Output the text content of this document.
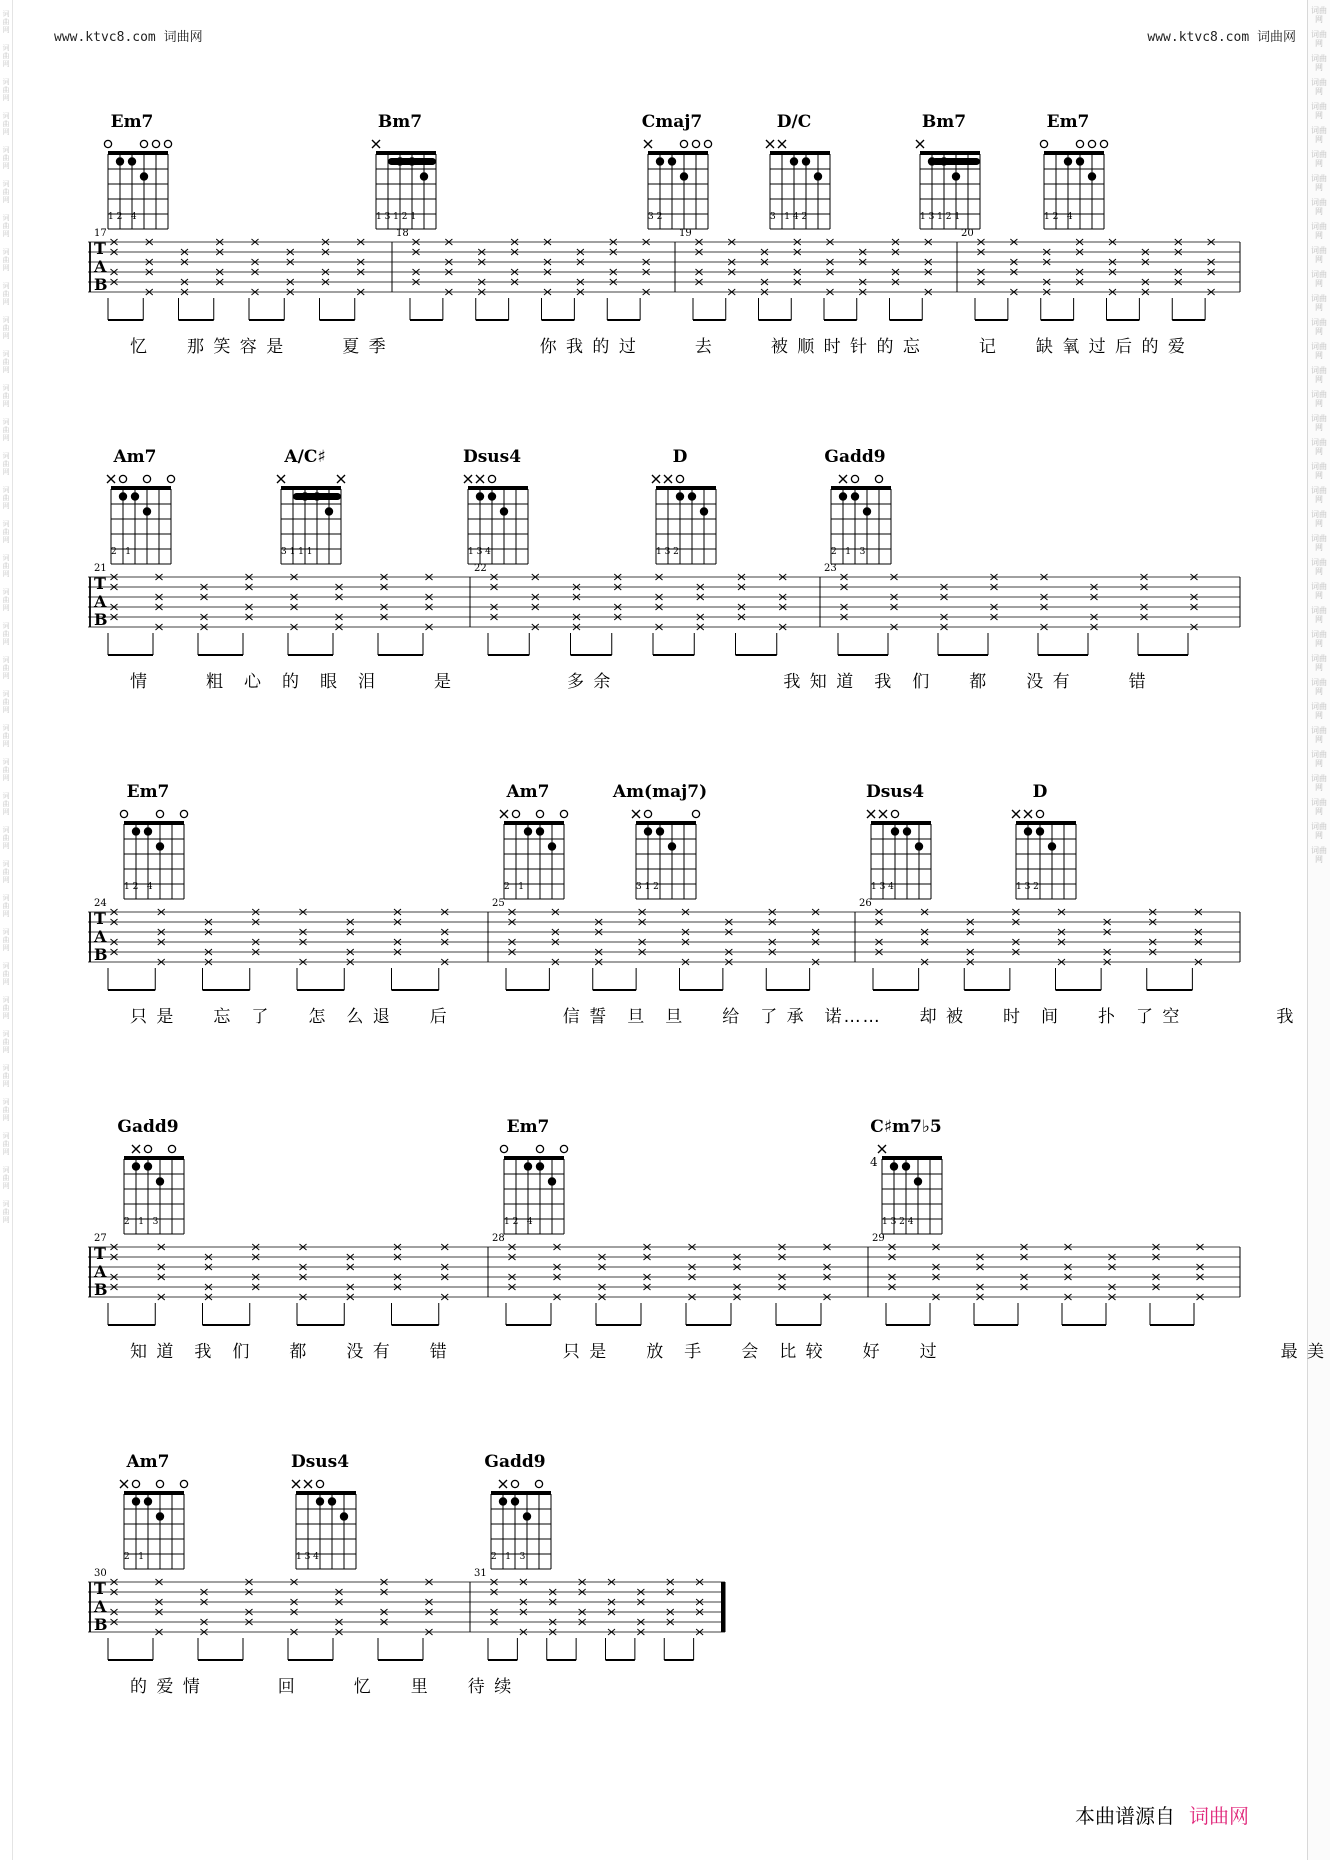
词曲网
词曲网
词曲网
词曲网
词曲网
词曲网
词曲网
词曲网
词曲网
词曲网
词曲网
词曲网
词曲网
词曲网
词曲网
词曲网
词曲网
词曲网
词曲网
词曲网
词曲网
词曲网
词曲网
词曲网
词曲网
词曲网
词曲网
词曲网
词曲网
词曲网
词曲网
词曲网
词曲网
词曲网
词曲网
词曲网
词曲网
词曲网
词曲网
词曲网
词曲网
词曲网
词曲网
词曲网
词曲网
词曲网
词曲网
词曲网
词曲网
词曲网
词曲网
词曲网
词曲网
词曲网
词曲网
词曲网
词曲网
词曲网
词曲网
词曲网
词曲网
词曲网
词曲网
词曲网
词曲网
词曲网
词曲网
词曲网
词曲网
词曲网
词曲网
词曲网
www.ktvc8.com 词曲网	www.ktvc8.com 词曲网
Em7
1 2   4
Bm7
1 3 1 2 1
Cmaj7
3 2
D/C
3   1 4 2
Bm7
1 3 1 2 1
Em7
1 2   4
T
A
B
17	18	19	20
忆　　那 笑 容 是　　　夏 季　　　　　　　　你 我 的 过　　　去　　　被 顺 时 针 的 忘　　　记　　缺 氧 过 后 的 爱
Am7
2   1
A/C♯
3 1 1 1
Dsus4
1 3 4
D
1 3 2
Gadd9
2   1   3
T
A
B
21	22	23
情　　　粗　心　的　眼　泪　　　是　　　　　　多 余　　　　　　　　　我 知 道　我　们　　都　　没 有　　　错
Em7
1 2   4
Am7
2   1
Am(maj7)
3 1 2
Dsus4
1 3 4
D
1 3 2
T
A
B
24	25	26
只 是　　忘　了　　怎　么 退　　后　　　　　　信 誓　旦　旦　　给　了 承　诺……　　却 被　　时　间　　扑　了 空　　　　　我
Gadd9
2   1   3
Em7
1 2   4
C♯m7♭5
4
1 3 2 4
T
A
B
27	28	29
知 道　我　们　　都　　没 有　　错　　　　　　只 是　　放　手　　会　比 较　　好　　过　　　　　　　　　　　　　　　　　　最 美
Am7
2   1
Dsus4
1 3 4
Gadd9
2   1   3
T
A
B
30	31
的 爱 情　　　　回　　　忆　　里　　待 续
本曲谱源自 词曲网
